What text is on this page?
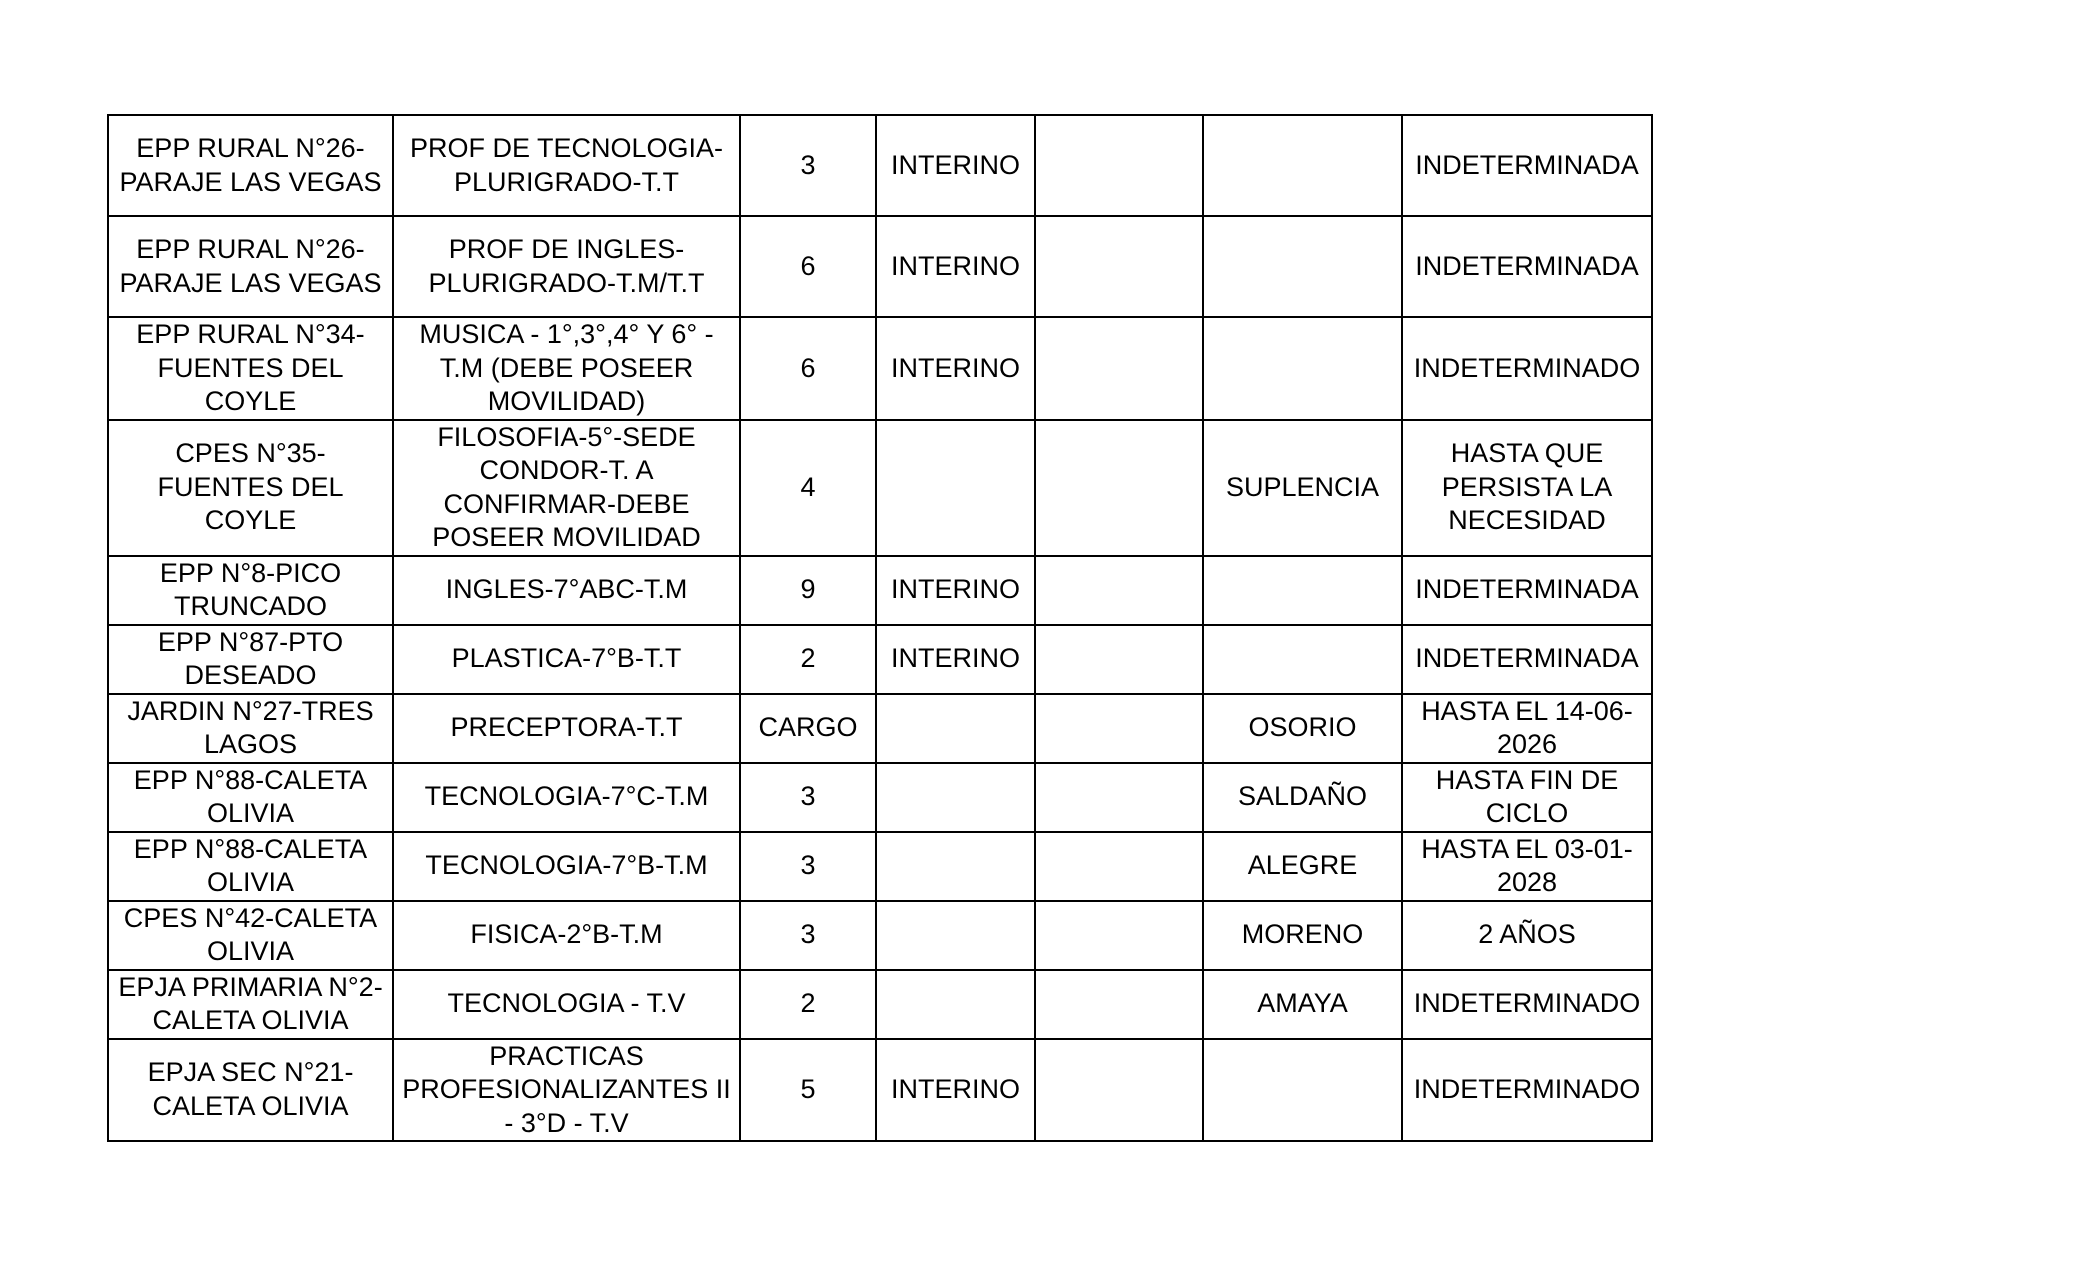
EPP RURAL N°26-PARAJE LAS VEGAS	PROF DE TECNOLOGIA-PLURIGRADO-T.T	3	INTERINO			INDETERMINADA
EPP RURAL N°26-PARAJE LAS VEGAS	PROF DE INGLES-PLURIGRADO-T.M/T.T	6	INTERINO			INDETERMINADA
EPP RURAL N°34-FUENTES DEL COYLE	MUSICA - 1°,3°,4° Y 6° - T.M (DEBE POSEER MOVILIDAD)	6	INTERINO			INDETERMINADO
CPES N°35-FUENTES DEL COYLE	FILOSOFIA-5°-SEDE CONDOR-T. A CONFIRMAR-DEBE POSEER MOVILIDAD	4			SUPLENCIA	HASTA QUE PERSISTA LA NECESIDAD
EPP N°8-PICO TRUNCADO	INGLES-7°ABC-T.M	9	INTERINO			INDETERMINADA
EPP N°87-PTO DESEADO	PLASTICA-7°B-T.T	2	INTERINO			INDETERMINADA
JARDIN N°27-TRES LAGOS	PRECEPTORA-T.T	CARGO			OSORIO	HASTA EL 14-06-2026
EPP N°88-CALETA OLIVIA	TECNOLOGIA-7°C-T.M	3			SALDAÑO	HASTA FIN DE CICLO
EPP N°88-CALETA OLIVIA	TECNOLOGIA-7°B-T.M	3			ALEGRE	HASTA EL 03-01-2028
CPES N°42-CALETA OLIVIA	FISICA-2°B-T.M	3			MORENO	2 AÑOS
EPJA PRIMARIA N°2-CALETA OLIVIA	TECNOLOGIA - T.V	2			AMAYA	INDETERMINADO
EPJA SEC N°21-CALETA OLIVIA	PRACTICAS PROFESIONALIZANTES II - 3°D - T.V	5	INTERINO			INDETERMINADO
